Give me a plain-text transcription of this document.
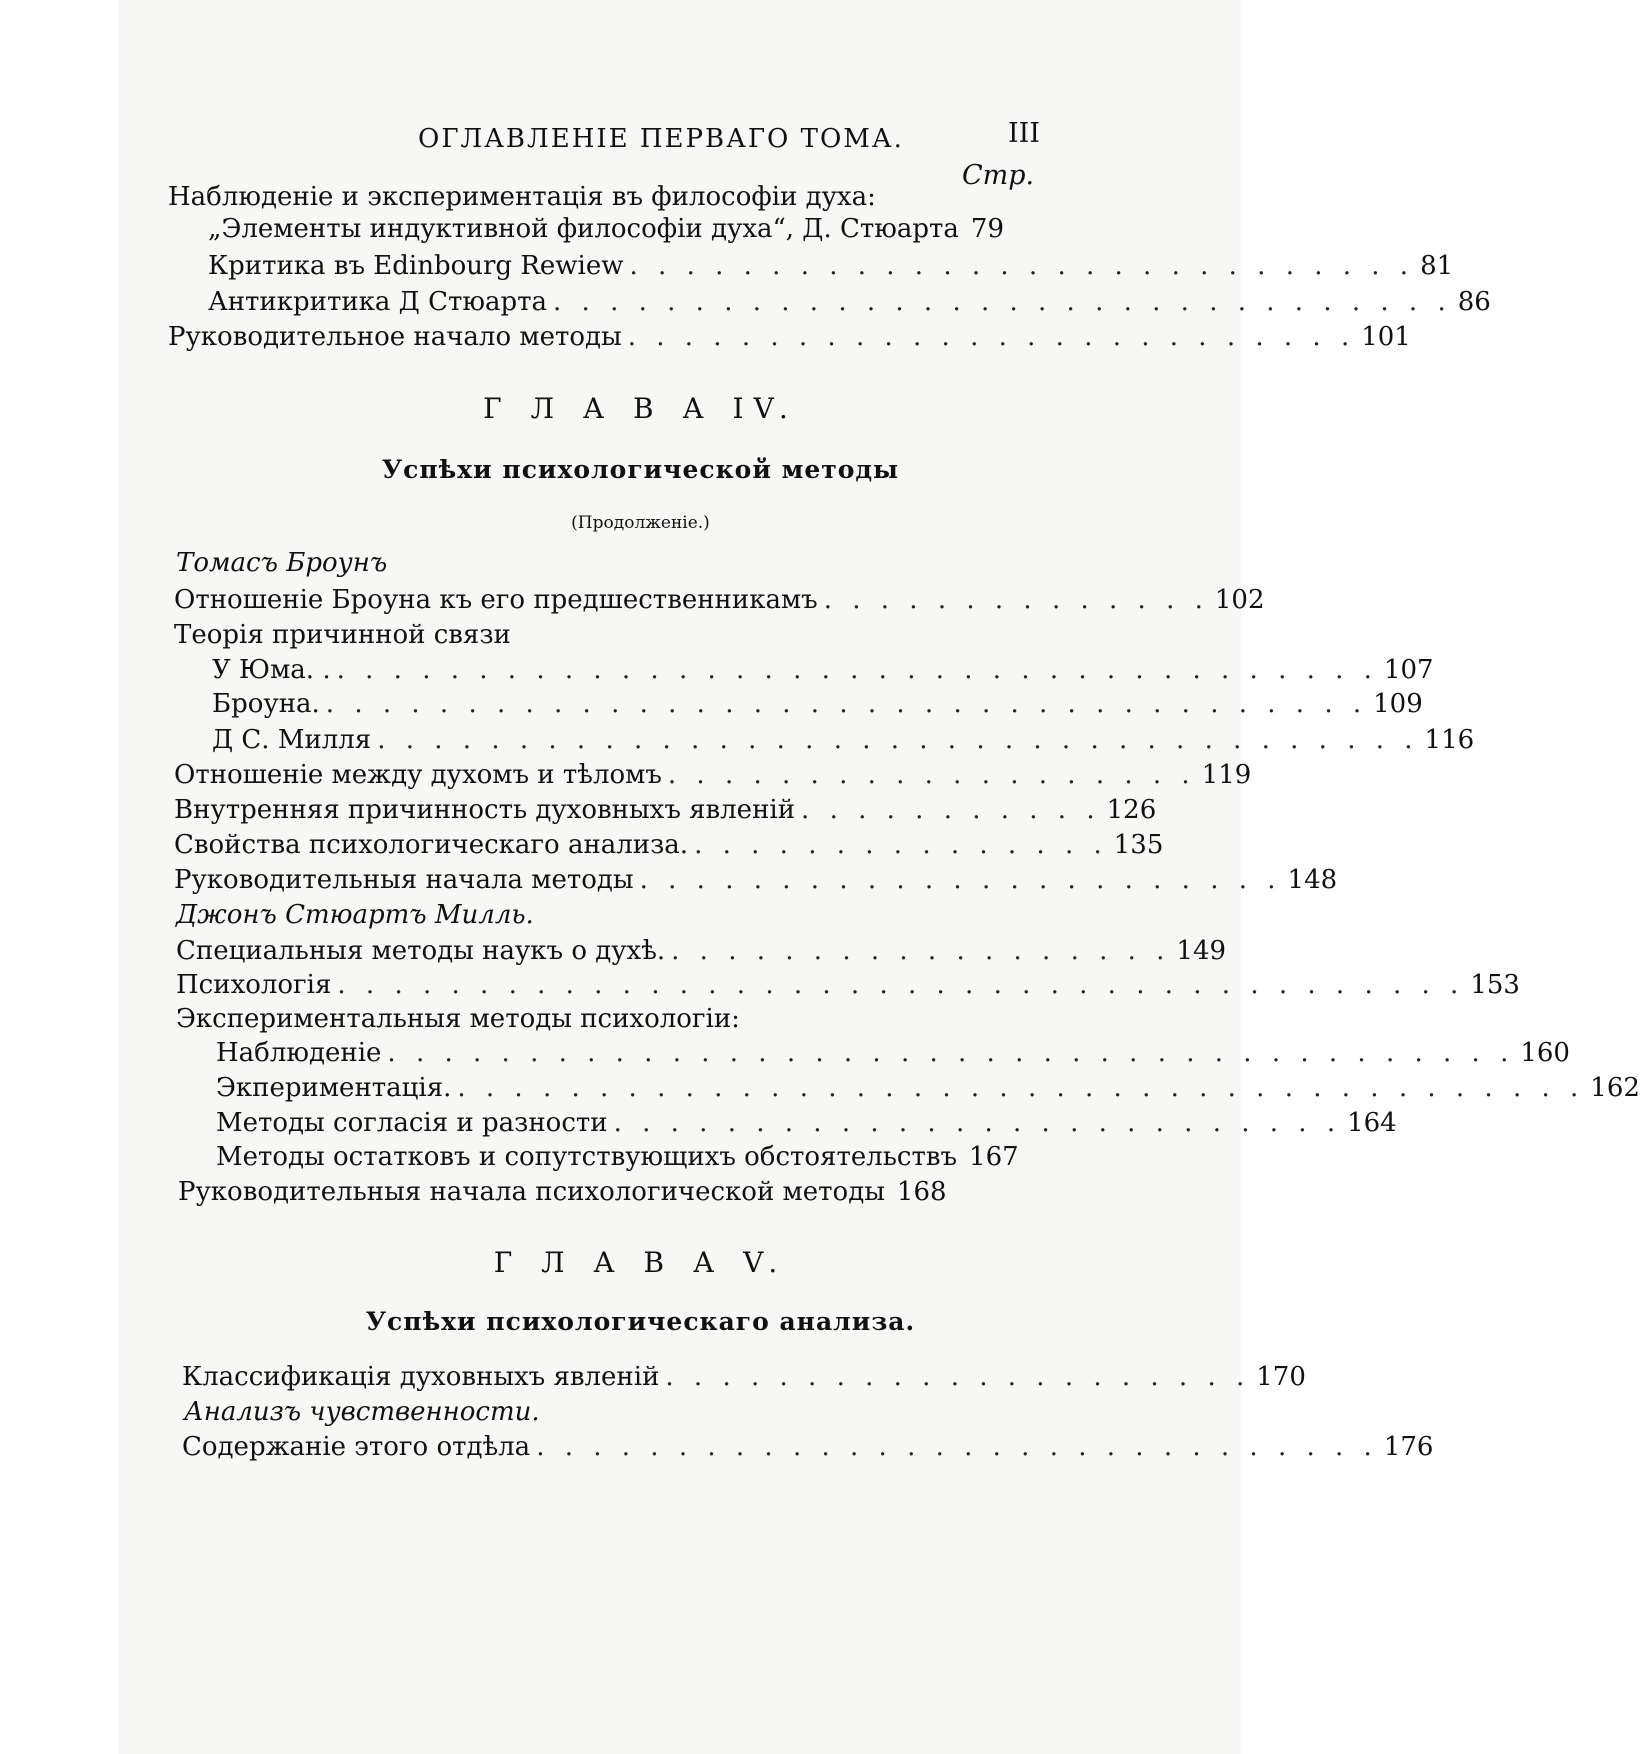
ОГЛАВЛЕНІЕ ПЕРВАГО ТОМА.	III
Стр.
Наблюденіе и экспериментація въ философіи духа:
„Элементы индуктивной философіи духа“, Д. Стюарта 79
Критика въ Edinbourg Rewiew . . . . . . . . . . . . . . . . . . . . . . . . . . . . 81
Антикритика Д Стюарта . . . . . . . . . . . . . . . . . . . . . . . . . . . . . . . . 86
Руководительное начало методы . . . . . . . . . . . . . . . . . . . . . . . . . . 101
Г Л А В А IV.
Успѣхи психологической методы
(Продолженіе.)
Томасъ Броунъ
Отношеніе Броуна къ его предшественникамъ . . . . . . . . . . . . . . 102
Теорія причинной связи
У Юма. . . . . . . . . . . . . . . . . . . . . . . . . . . . . . . . . . . . . . . 107
Броуна. . . . . . . . . . . . . . . . . . . . . . . . . . . . . . . . . . . . . . 109
Д С. Милля . . . . . . . . . . . . . . . . . . . . . . . . . . . . . . . . . . . . . 116
Отношеніе между духомъ и тѣломъ . . . . . . . . . . . . . . . . . . . 119
Внутренняя причинность духовныхъ явленій . . . . . . . . . . . 126
Свойства психологическаго анализа. . . . . . . . . . . . . . . . 135
Руководительныя начала методы . . . . . . . . . . . . . . . . . . . . . . . 148
Джонъ Стюартъ Милль.
Специальныя методы наукъ о духѣ. . . . . . . . . . . . . . . . . . . 149
Психологія . . . . . . . . . . . . . . . . . . . . . . . . . . . . . . . . . . . . . . . . 153
Экспериментальныя методы психологіи:
Наблюденіе . . . . . . . . . . . . . . . . . . . . . . . . . . . . . . . . . . . . . . . . 160
Экпериментація. . . . . . . . . . . . . . . . . . . . . . . . . . . . . . . . . . . . . . . . . 162
Методы согласія и разности . . . . . . . . . . . . . . . . . . . . . . . . . . 164
Методы остатковъ и сопутствующихъ обстоятельствъ 167
Руководительныя начала психологической методы 168
Г Л А В А V.
Успѣхи психологическаго анализа.
Классификація духовныхъ явленій . . . . . . . . . . . . . . . . . . . . . 170
Анализъ чувственности.
Содержаніе этого отдѣла . . . . . . . . . . . . . . . . . . . . . . . . . . . . . . 176
